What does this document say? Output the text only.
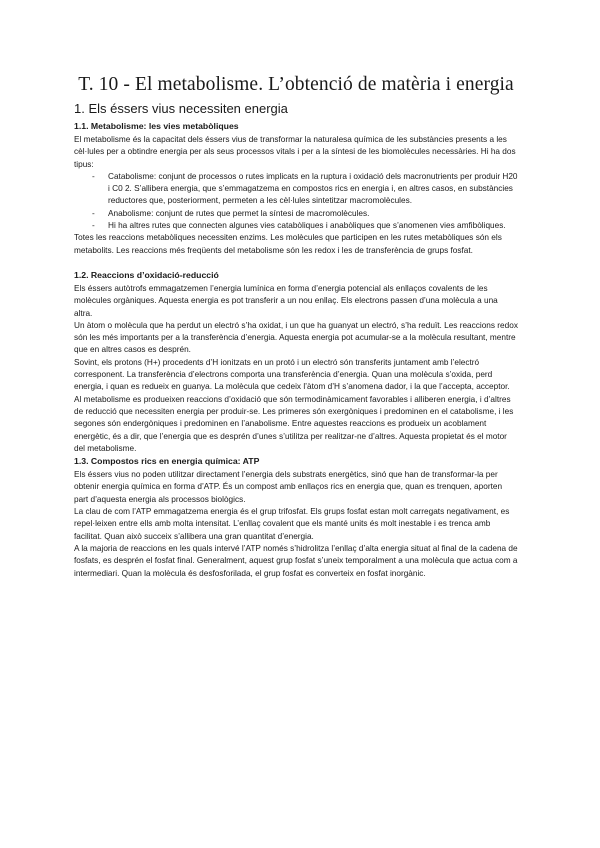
T. 10 - El metabolisme. L’obtenció de matèria i energia
1. Els éssers vius necessiten energia
1.1. Metabolisme: les vies metabòliques

El metabolisme és la capacitat dels éssers vius de transformar la naturalesa química de les substàncies presents a les cèl·lules per a obtindre energia per als seus processos vitals i per a la síntesi de les biomolècules necessàries. Hi ha dos tipus:

- Catabolisme: conjunt de processos o rutes implicats en la ruptura i oxidació dels macronutrients per produir H20 i C0 2. S’allibera energia, que s’emmagatzema en compostos rics en energia i, en altres casos, en substàncies reductores que, posteriorment, permeten a les cèl·lules sintetitzar macromolècules.
- Anabolisme: conjunt de rutes que permet la síntesi de macromolècules.
- Hi ha altres rutes que connecten algunes vies catabòliques i anabòliques que s’anomenen vies amfibòliques.

Totes les reaccions metabòliques necessiten enzims. Les molècules que participen en les rutes metabòliques són els metabolits. Les reaccions més freqüents del metabolisme són les redox i les de transferència de grups fosfat.

1.2. Reaccions d’oxidació-reducció

Els éssers autòtrofs emmagatzemen l’energia lumínica en forma d’energia potencial als enllaços covalents de les molècules orgàniques. Aquesta energia es pot transferir a un nou enllaç. Els electrons passen d’una molècula a una altra.

Un àtom o molècula que ha perdut un electró s’ha oxidat, i un que ha guanyat un electró, s’ha reduït. Les reaccions redox són les més importants per a la transferència d’energia. Aquesta energia pot acumular-se a la molècula resultant, mentre que en altres casos es desprén.

Sovint, els protons (H+) procedents d’H ionitzats en un protó i un electró són transferits juntament amb l’electró corresponent. La transferència d’electrons comporta una transferència d’energia. Quan una molècula s’oxida, perd energia, i quan es redueix en guanya. La molècula que cedeix l’àtom d’H s’anomena dador, i la que l’accepta, acceptor.

Al metabolisme es produeixen reaccions d’oxidació que són termodinàmicament favorables i alliberen energia, i d’altres de reducció que necessiten energia per produir-se. Les primeres són exergòniques i predominen en el catabolisme, i les segones són endergòniques i predominen en l’anabolisme. Entre aquestes reaccions es produeix un acoblament energètic, és a dir, que l’energia que es desprén d’unes s’utilitza per realitzar-ne d’altres. Aquesta propietat és el motor del metabolisme.

1.3. Compostos rics en energia química: ATP

Els éssers vius no poden utilitzar directament l’energia dels substrats energètics, sinó que han de transformar-la per obtenir energia química en forma d’ATP. És un compost amb enllaços rics en energia que, quan es trenquen, aporten part d’aquesta energia als processos biològics.

La clau de com l’ATP emmagatzema energia és el grup trifosfat. Els grups fosfat estan molt carregats negativament, es repel·leixen entre ells amb molta intensitat. L’enllaç covalent que els manté units és molt inestable i es trenca amb facilitat. Quan això succeix s’allibera una gran quantitat d’energia.

A la majoria de reaccions en les quals intervé l’ATP només s’hidrolitza l’enllaç d’alta energia situat al final de la cadena de fosfats, es desprén el fosfat final. Generalment, aquest grup fosfat s’uneix temporalment a una molècula que actua com a intermediari. Quan la molècula és desfosforilada, el grup fosfat es converteix en fosfat inorgànic.
